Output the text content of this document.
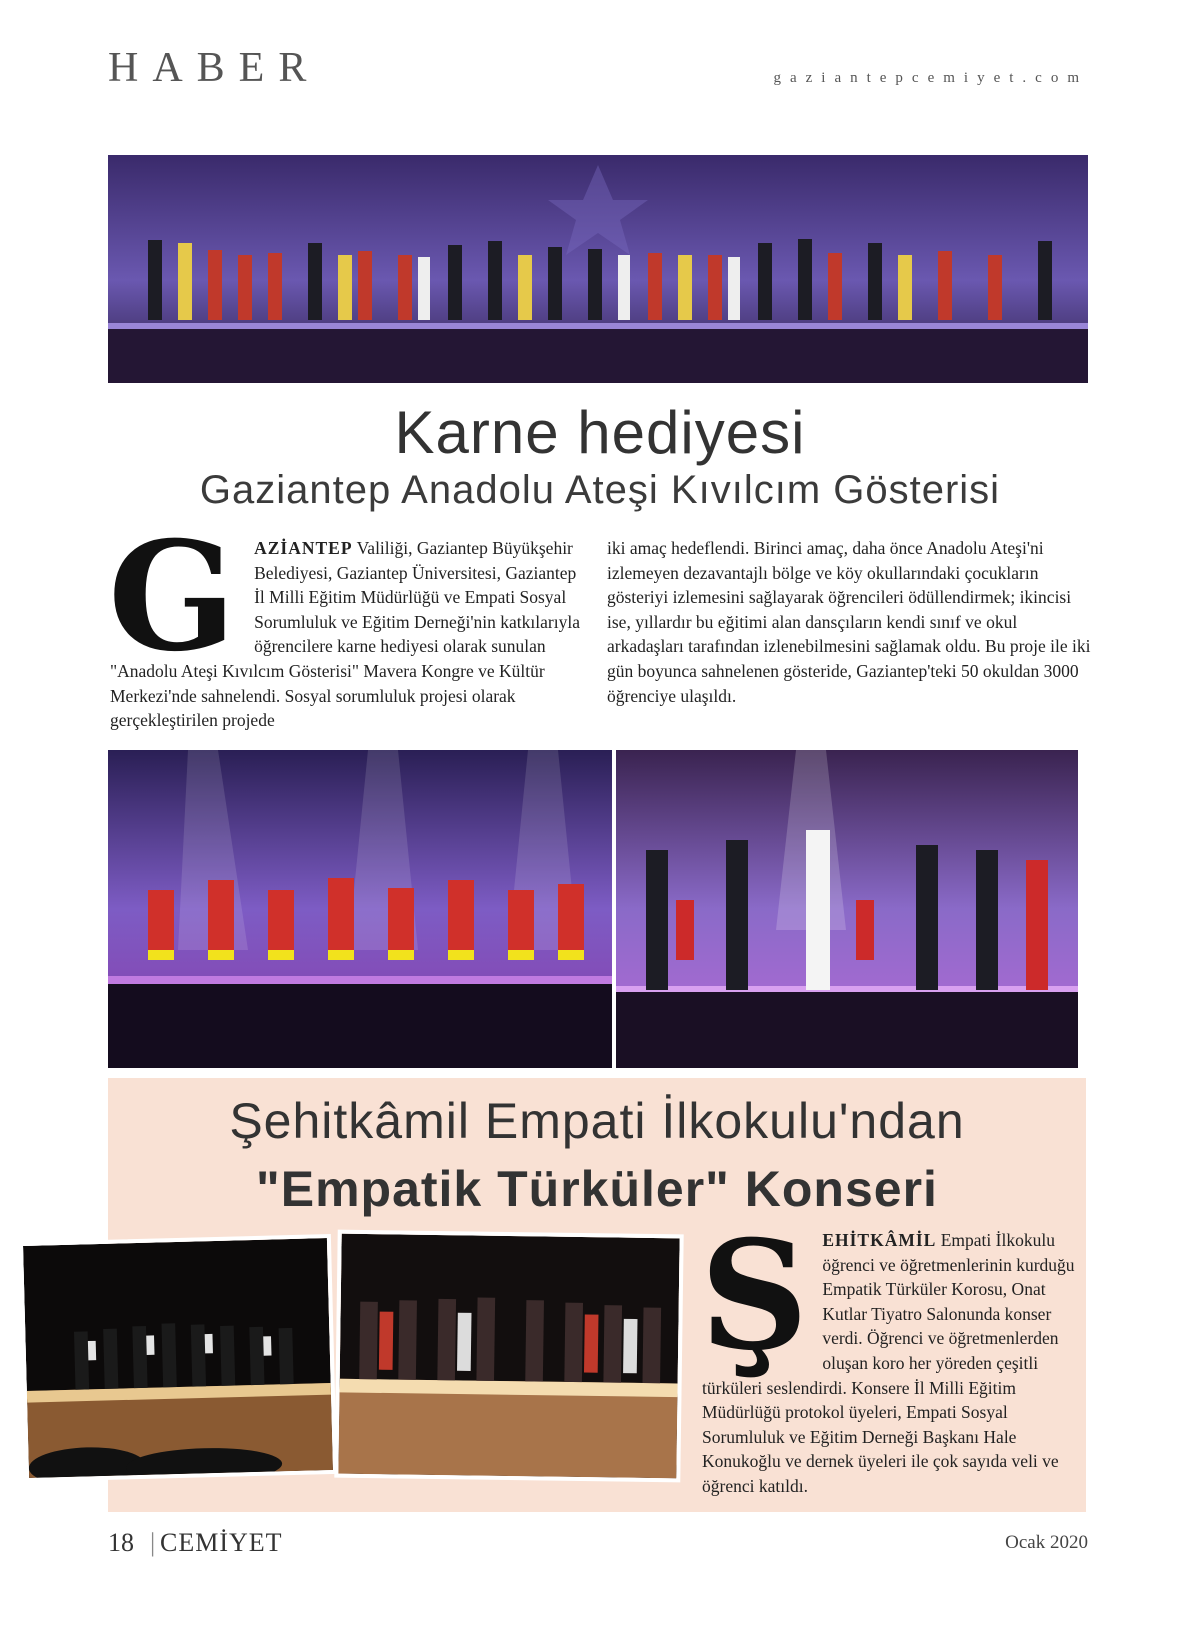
HABER	gaziantepcemiyet.com
Karne hediyesi
Gaziantep Anadolu Ateşi Kıvılcım Gösterisi
G AZİANTEP Valiliği, Gaziantep Büyükşehir Belediyesi, Gaziantep Üniversitesi, Gaziantep İl Milli Eğitim Müdürlüğü ve Empati Sosyal Sorumluluk ve Eğitim Derneği'nin katkılarıyla öğrencilere karne hediyesi olarak sunulan "Anadolu Ateşi Kıvılcım Gösterisi" Mavera Kongre ve Kültür Merkezi'nde sahnelendi. Sosyal sorumluluk projesi olarak gerçekleştirilen projede
iki amaç hedeflendi. Birinci amaç, daha önce Anadolu Ateşi'ni izlemeyen dezavantajlı bölge ve köy okullarındaki çocukların gösteriyi izlemesini sağlayarak öğrencileri ödüllendirmek; ikincisi ise, yıllardır bu eğitimi alan dansçıların kendi sınıf ve okul arkadaşları tarafından izlenebilmesini sağlamak oldu. Bu proje ile iki gün boyunca sahnelenen gösteride, Gaziantep'teki 50 okuldan 3000 öğrenciye ulaşıldı.
Şehitkâmil Empati İlkokulu'ndan
"Empatik Türküler" Konseri
ŞEHİTKÂMİL Empati İlkokulu öğrenci ve öğretmenlerinin kurduğu Empatik Türküler Korosu, Onat Kutlar Tiyatro Salonunda konser verdi. Öğrenci ve öğretmenlerden oluşan koro her yöreden çeşitli türküleri seslendirdi. Konsere İl Milli Eğitim Müdürlüğü protokol üyeleri, Empati Sosyal Sorumluluk ve Eğitim Derneği Başkanı Hale Konukoğlu ve dernek üyeleri ile çok sayıda veli ve öğrenci katıldı.
18 | CEMİYET	Ocak 2020
